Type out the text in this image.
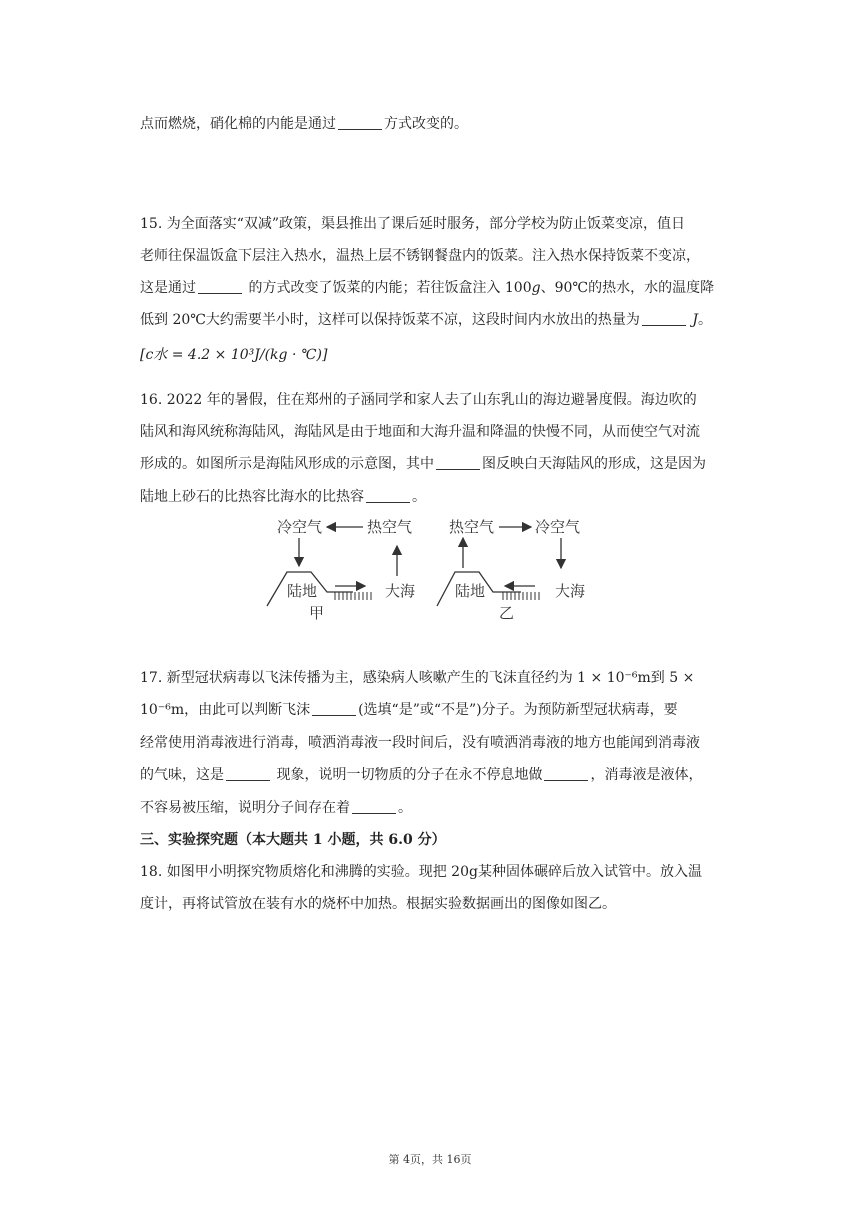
点而燃烧，硝化棉的内能是通过	方式改变的。
15. 为全面落实“双减”政策，渠县推出了课后延时服务，部分学校为防止饭菜变凉，值日
老师往保温饭盒下层注入热水，温热上层不锈钢餐盘内的饭菜。注入热水保持饭菜不变凉，
这是通过	的方式改变了饭菜的内能；若往饭盒注入 100g、90℃的热水，水的温度降
低到 20℃大约需要半小时，这样可以保持饭菜不凉，这段时间内水放出的热量为	J。
[c水 = 4.2 × 10³J/(kg · ℃)]
16. 2022 年的暑假，住在郑州的子涵同学和家人去了山东乳山的海边避暑度假。海边吹的
陆风和海风统称海陆风，海陆风是由于地面和大海升温和降温的快慢不同，从而使空气对流
形成的。如图所示是海陆风形成的示意图，其中	图反映白天海陆风的形成，这是因为
陆地上砂石的比热容比海水的比热容	。
冷空气	热空气
陆地	大海
甲
热空气	冷空气
陆地	大海
乙
17. 新型冠状病毒以飞沫传播为主，感染病人咳嗽产生的飞沫直径约为 1 × 10⁻⁶m到 5 ×
10⁻⁶m，由此可以判断飞沫	(选填“是”或“不是”)分子。为预防新型冠状病毒，要
经常使用消毒液进行消毒，喷洒消毒液一段时间后，没有喷洒消毒液的地方也能闻到消毒液
的气味，这是	现象，说明一切物质的分子在永不停息地做	，消毒液是液体，
不容易被压缩，说明分子间存在着	。
三、实验探究题（本大题共 1 小题，共 6.0 分）
18. 如图甲小明探究物质熔化和沸腾的实验。现把 20g某种固体碾碎后放入试管中。放入温
度计，再将试管放在装有水的烧杯中加热。根据实验数据画出的图像如图乙。
第 4页，共 16页
